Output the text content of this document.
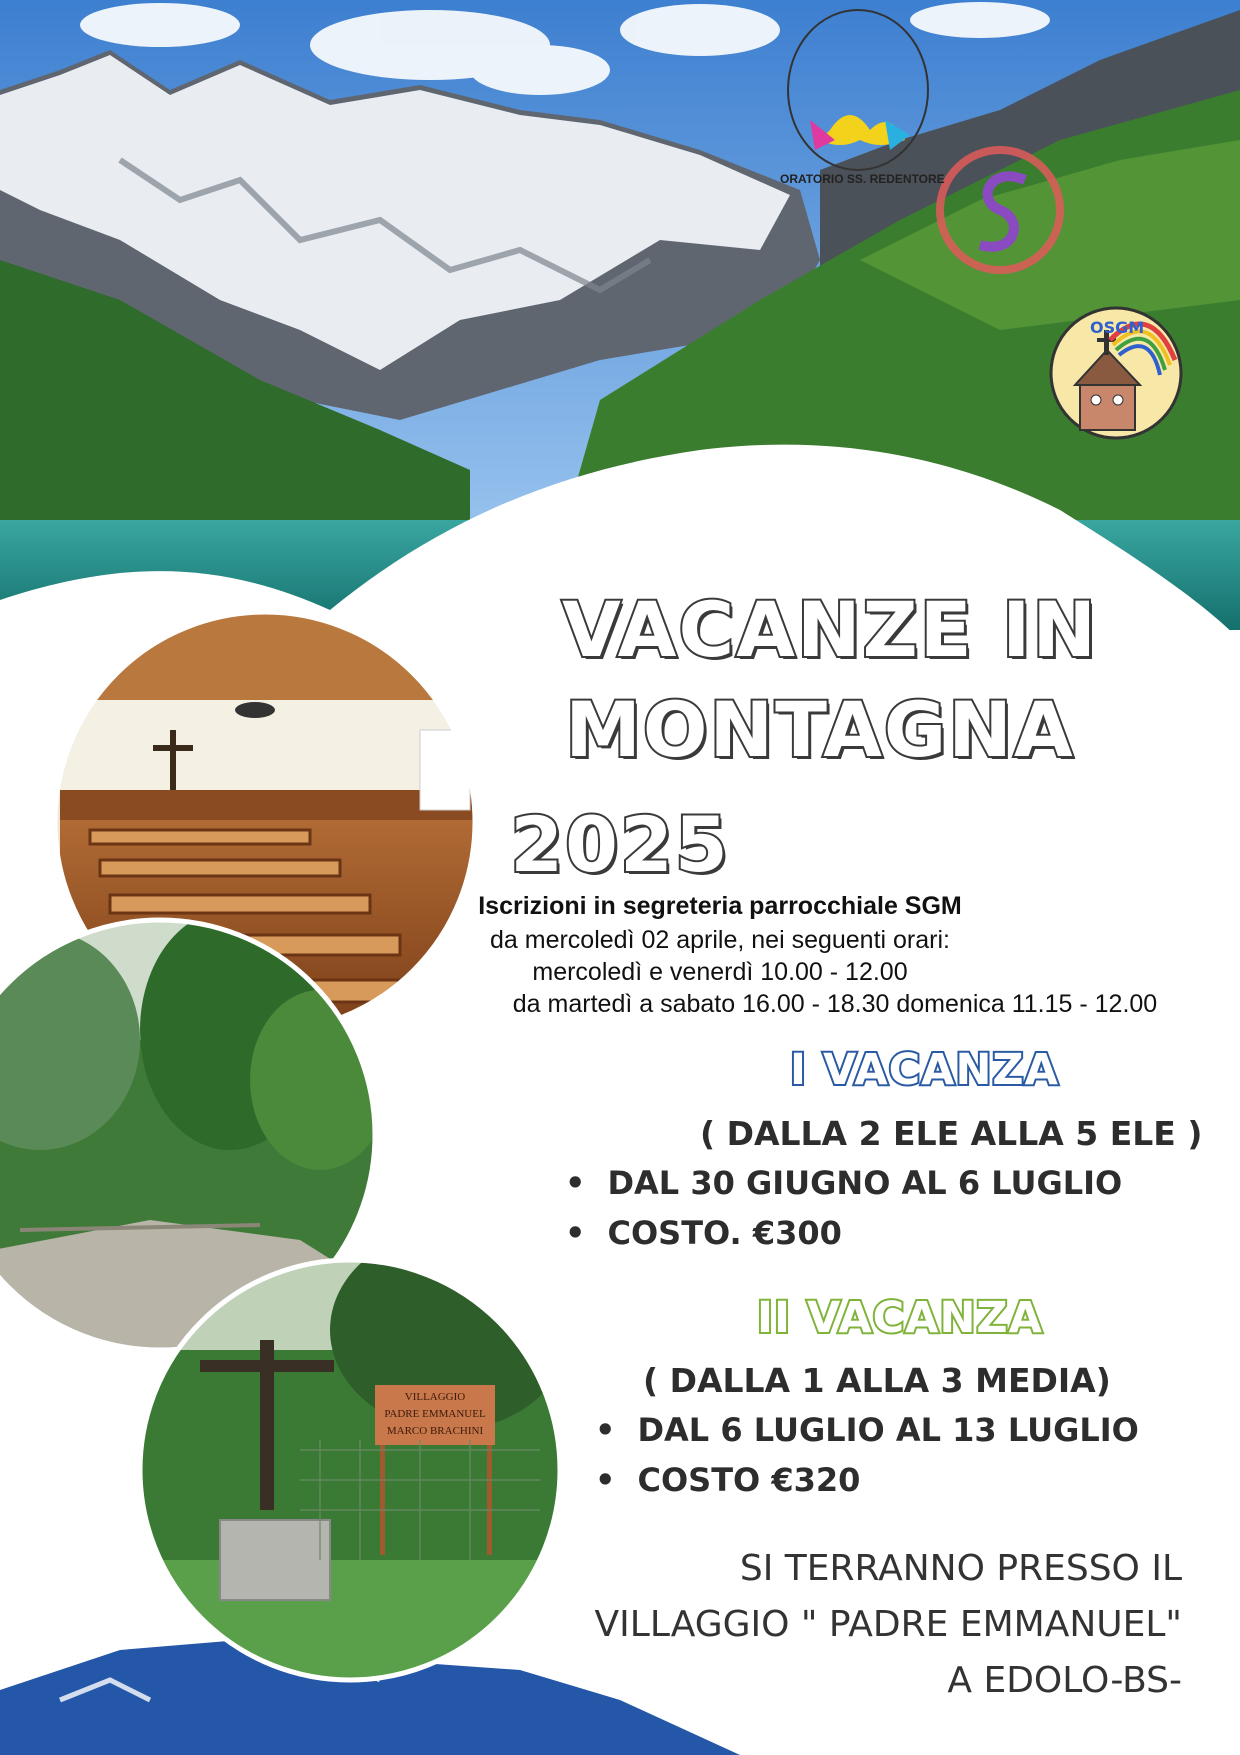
VILLAGGIO
PADRE EMMANUEL
MARCO BRACHINI
ORATORIO SS. REDENTORE
OSGM
VACANZE IN
MONTAGNA
2025
Iscrizioni in segreteria parrocchiale SGM
da mercoledì 02 aprile, nei seguenti orari:
mercoledì e venerdì 10.00 - 12.00
da martedì a sabato 16.00 - 18.30 domenica 11.15 - 12.00
I VACANZA
( DALLA 2 ELE ALLA 5 ELE )
• DAL 30 GIUGNO AL 6 LUGLIO
• COSTO. €300
II VACANZA
( DALLA 1 ALLA 3 MEDIA)
• DAL 6 LUGLIO AL 13 LUGLIO
• COSTO €320
SI TERRANNO PRESSO IL
VILLAGGIO " PADRE EMMANUEL"
A EDOLO-BS-
